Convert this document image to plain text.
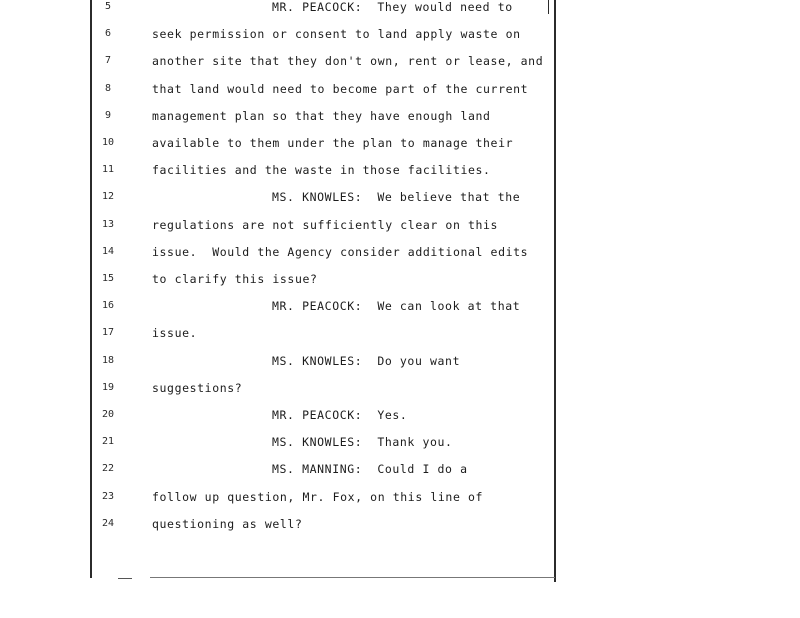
5	MR. PEACOCK:  They would need to
6	seek permission or consent to land apply waste on
7	another site that they don't own, rent or lease, and
8	that land would need to become part of the current
9	management plan so that they have enough land
10	available to them under the plan to manage their
11	facilities and the waste in those facilities.
12	MS. KNOWLES:  We believe that the
13	regulations are not sufficiently clear on this
14	issue.  Would the Agency consider additional edits
15	to clarify this issue?
16	MR. PEACOCK:  We can look at that
17	issue.
18	MS. KNOWLES:  Do you want
19	suggestions?
20	MR. PEACOCK:  Yes.
21	MS. KNOWLES:  Thank you.
22	MS. MANNING:  Could I do a
23	follow up question, Mr. Fox, on this line of
24	questioning as well?
